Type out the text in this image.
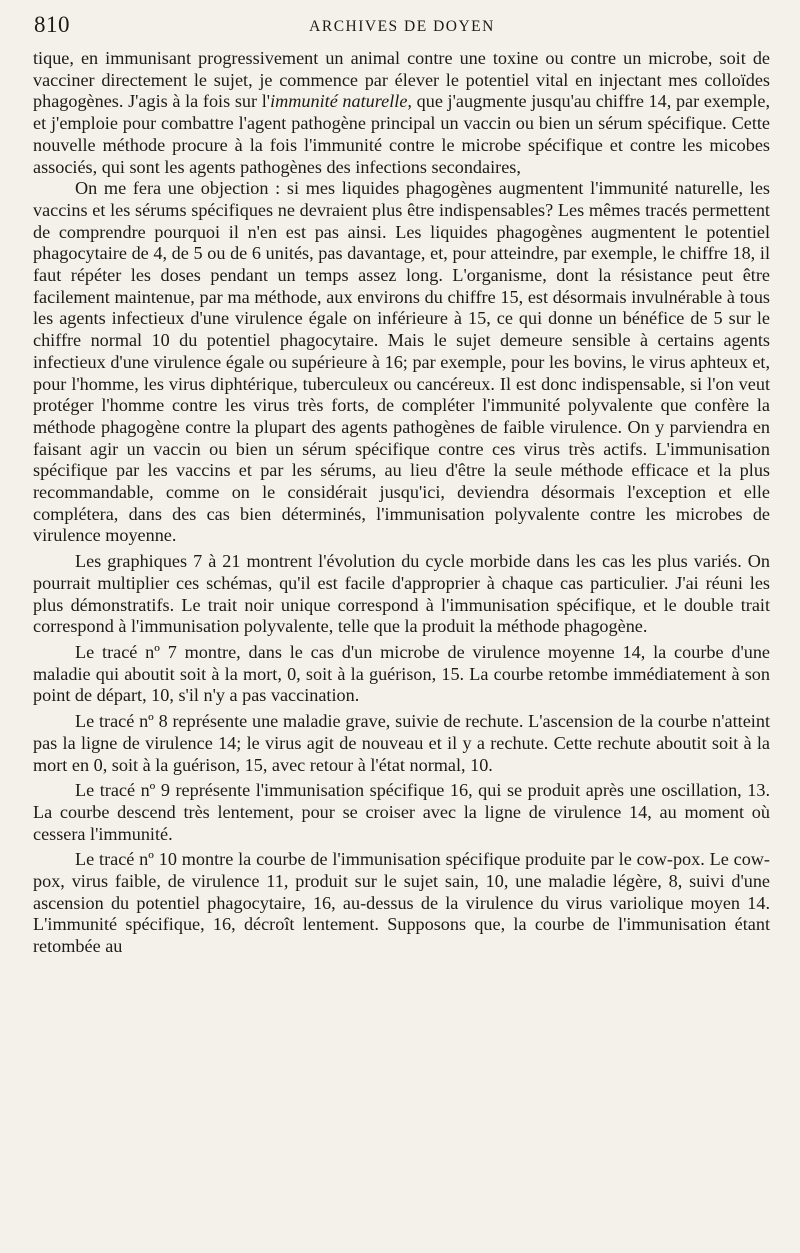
810	ARCHIVES DE DOYEN

tique, en immunisant progressivement un animal contre une toxine ou contre un microbe, soit de vacciner directement le sujet, je commence par élever le potentiel vital en injectant mes colloïdes phagogènes. J'agis à la fois sur l'immunité naturelle, que j'augmente jusqu'au chiffre 14, par exemple, et j'emploie pour combattre l'agent pathogène principal un vaccin ou bien un sérum spécifique. Cette nouvelle méthode procure à la fois l'immunité contre le microbe spécifique et contre les micobes associés, qui sont les agents pathogènes des infections secondaires,

On me fera une objection : si mes liquides phagogènes augmentent l'immunité naturelle, les vaccins et les sérums spécifiques ne devraient plus être indispensables? Les mêmes tracés permettent de comprendre pourquoi il n'en est pas ainsi. Les liquides phagogènes augmentent le potentiel phagocytaire de 4, de 5 ou de 6 unités, pas davantage, et, pour atteindre, par exemple, le chiffre 18, il faut répéter les doses pendant un temps assez long. L'organisme, dont la résistance peut être facilement maintenue, par ma méthode, aux environs du chiffre 15, est désormais invulnérable à tous les agents infectieux d'une virulence égale on inférieure à 15, ce qui donne un bénéfice de 5 sur le chiffre normal 10 du potentiel phagocytaire. Mais le sujet demeure sensible à certains agents infectieux d'une virulence égale ou supérieure à 16; par exemple, pour les bovins, le virus aphteux et, pour l'homme, les virus diphtérique, tuberculeux ou cancéreux. Il est donc indispensable, si l'on veut protéger l'homme contre les virus très forts, de compléter l'immunité polyvalente que confère la méthode phagogène contre la plupart des agents pathogènes de faible virulence. On y parviendra en faisant agir un vaccin ou bien un sérum spécifique contre ces virus très actifs. L'immunisation spécifique par les vaccins et par les sérums, au lieu d'être la seule méthode efficace et la plus recommandable, comme on le considérait jusqu'ici, deviendra désormais l'exception et elle complétera, dans des cas bien déterminés, l'immunisation polyvalente contre les microbes de virulence moyenne.

Les graphiques 7 à 21 montrent l'évolution du cycle morbide dans les cas les plus variés. On pourrait multiplier ces schémas, qu'il est facile d'approprier à chaque cas particulier. J'ai réuni les plus démonstratifs. Le trait noir unique correspond à l'immunisation spécifique, et le double trait correspond à l'immunisation polyvalente, telle que la produit la méthode phagogène.

Le tracé nº 7 montre, dans le cas d'un microbe de virulence moyenne 14, la courbe d'une maladie qui aboutit soit à la mort, 0, soit à la guérison, 15. La courbe retombe immédiatement à son point de départ, 10, s'il n'y a pas vaccination.

Le tracé nº 8 représente une maladie grave, suivie de rechute. L'ascension de la courbe n'atteint pas la ligne de virulence 14; le virus agit de nouveau et il y a rechute. Cette rechute aboutit soit à la mort en 0, soit à la guérison, 15, avec retour à l'état normal, 10.

Le tracé nº 9 représente l'immunisation spécifique 16, qui se produit après une oscillation, 13. La courbe descend très lentement, pour se croiser avec la ligne de virulence 14, au moment où cessera l'immunité.

Le tracé nº 10 montre la courbe de l'immunisation spécifique produite par le cow-pox. Le cow-pox, virus faible, de virulence 11, produit sur le sujet sain, 10, une maladie légère, 8, suivi d'une ascension du potentiel phagocytaire, 16, au-dessus de la virulence du virus variolique moyen 14. L'immunité spécifique, 16, décroît lentement. Supposons que, la courbe de l'immunisation étant retombée au
